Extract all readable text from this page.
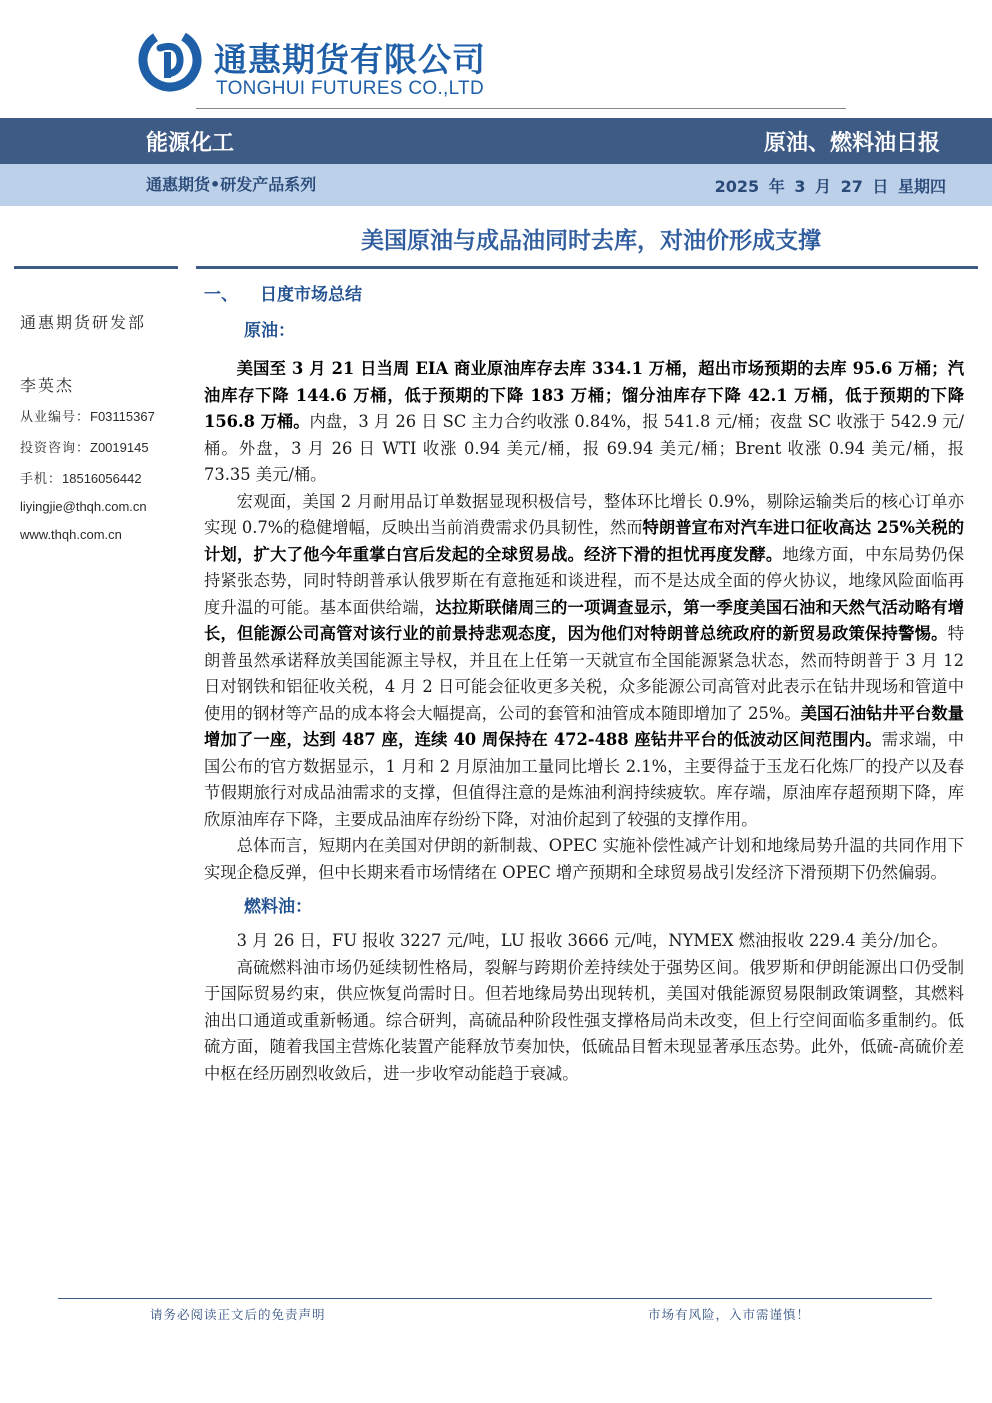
通惠期货有限公司
TONGHUI FUTURES CO.,LTD
能源化工	原油、燃料油日报
通惠期货•研发产品系列	2025 年 3 月 27 日 星期四
美国原油与成品油同时去库，对油价形成支撑
通惠期货研发部
李英杰
从业编号：F03115367
投资咨询：Z0019145
手机：18516056442
liyingjie@thqh.com.cn
www.thqh.com.cn
一、 日度市场总结
原油：

美国至 3 月 21 日当周 EIA 商业原油库存去库 334.1 万桶，超出市场预期的去库 95.6 万桶；汽油库存下降 144.6 万桶，低于预期的下降 183 万桶；馏分油库存下降 42.1 万桶，低于预期的下降 156.8 万桶。内盘，3 月 26 日 SC 主力合约收涨 0.84%，报 541.8 元/桶；夜盘 SC 收涨于 542.9 元/桶。外盘，3 月 26 日 WTI 收涨 0.94 美元/桶，报 69.94 美元/桶；Brent 收涨 0.94 美元/桶，报 73.35 美元/桶。

宏观面，美国 2 月耐用品订单数据显现积极信号，整体环比增长 0.9%，剔除运输类后的核心订单亦实现 0.7%的稳健增幅，反映出当前消费需求仍具韧性，然而特朗普宣布对汽车进口征收高达 25%关税的计划，扩大了他今年重掌白宫后发起的全球贸易战。经济下滑的担忧再度发酵。地缘方面，中东局势仍保持紧张态势，同时特朗普承认俄罗斯在有意拖延和谈进程，而不是达成全面的停火协议，地缘风险面临再度升温的可能。基本面供给端，达拉斯联储周三的一项调查显示，第一季度美国石油和天然气活动略有增长，但能源公司高管对该行业的前景持悲观态度，因为他们对特朗普总统政府的新贸易政策保持警惕。特朗普虽然承诺释放美国能源主导权，并且在上任第一天就宣布全国能源紧急状态，然而特朗普于 3 月 12 日对钢铁和铝征收关税，4 月 2 日可能会征收更多关税，众多能源公司高管对此表示在钻井现场和管道中使用的钢材等产品的成本将会大幅提高，公司的套管和油管成本随即增加了 25%。美国石油钻井平台数量增加了一座，达到 487 座，连续 40 周保持在 472-488 座钻井平台的低波动区间范围内。需求端，中国公布的官方数据显示，1 月和 2 月原油加工量同比增长 2.1%，主要得益于玉龙石化炼厂的投产以及春节假期旅行对成品油需求的支撑，但值得注意的是炼油利润持续疲软。库存端，原油库存超预期下降，库欣原油库存下降，主要成品油库存纷纷下降，对油价起到了较强的支撑作用。

总体而言，短期内在美国对伊朗的新制裁、OPEC 实施补偿性减产计划和地缘局势升温的共同作用下实现企稳反弹，但中长期来看市场情绪在 OPEC 增产预期和全球贸易战引发经济下滑预期下仍然偏弱。

燃料油：

3 月 26 日，FU 报收 3227 元/吨，LU 报收 3666 元/吨，NYMEX 燃油报收 229.4 美分/加仑。

高硫燃料油市场仍延续韧性格局，裂解与跨期价差持续处于强势区间。俄罗斯和伊朗能源出口仍受制于国际贸易约束，供应恢复尚需时日。但若地缘局势出现转机，美国对俄能源贸易限制政策调整，其燃料油出口通道或重新畅通。综合研判，高硫品种阶段性强支撑格局尚未改变，但上行空间面临多重制约。低硫方面，随着我国主营炼化装置产能释放节奏加快，低硫品目暂未现显著承压态势。此外，低硫-高硫价差中枢在经历剧烈收敛后，进一步收窄动能趋于衰减。

请务必阅读正文后的免责声明	市场有风险，入市需谨慎！
